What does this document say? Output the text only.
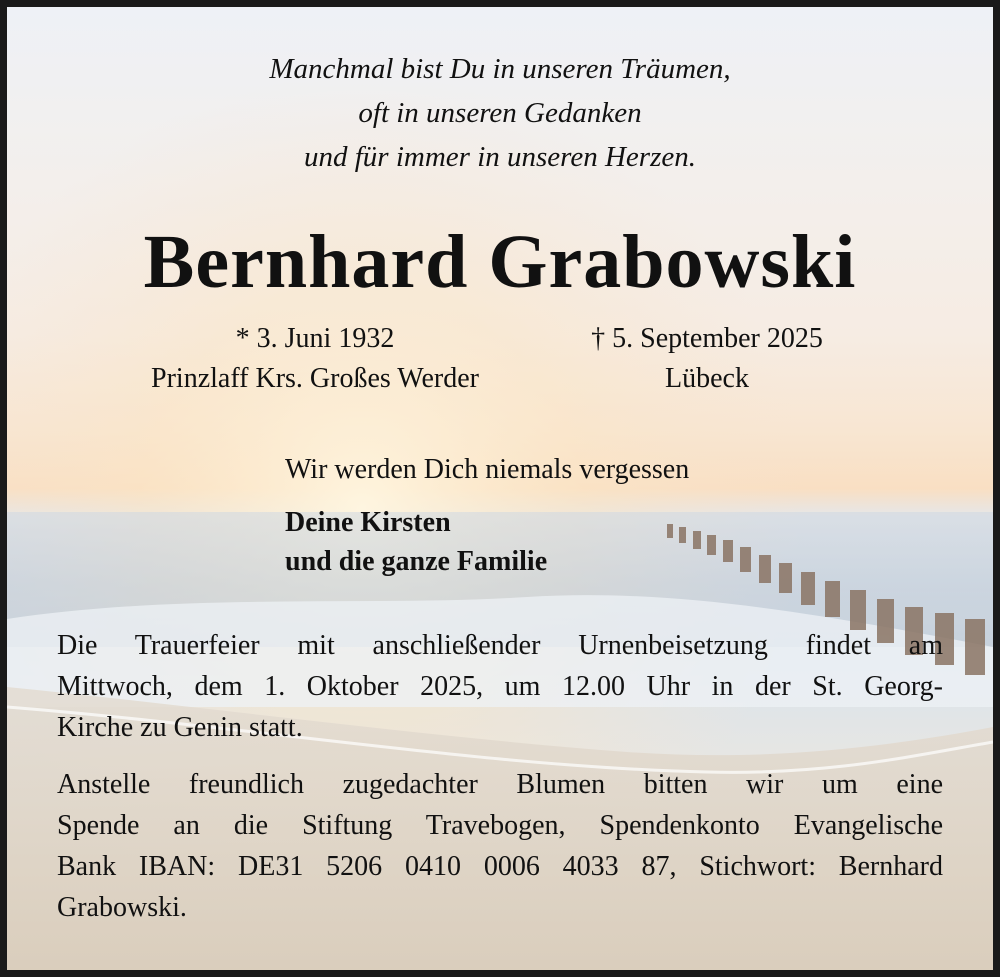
Manchmal bist Du in unseren Träumen,
oft in unseren Gedanken
und für immer in unseren Herzen.
Bernhard Grabowski
* 3. Juni 1932
Prinzlaff Krs. Großes Werder
† 5. September 2025
Lübeck
Wir werden Dich niemals vergessen
Deine Kirsten
und die ganze Familie
Die Trauerfeier mit anschließender Urnenbeisetzung findet am
Mittwoch, dem 1. Oktober 2025, um 12.00 Uhr in der St. Georg-
Kirche zu Genin statt.
Anstelle freundlich zugedachter Blumen bitten wir um eine
Spende an die Stiftung Travebogen, Spendenkonto Evangelische
Bank IBAN: DE31 5206 0410 0006 4033 87, Stichwort: Bernhard
Grabowski.
